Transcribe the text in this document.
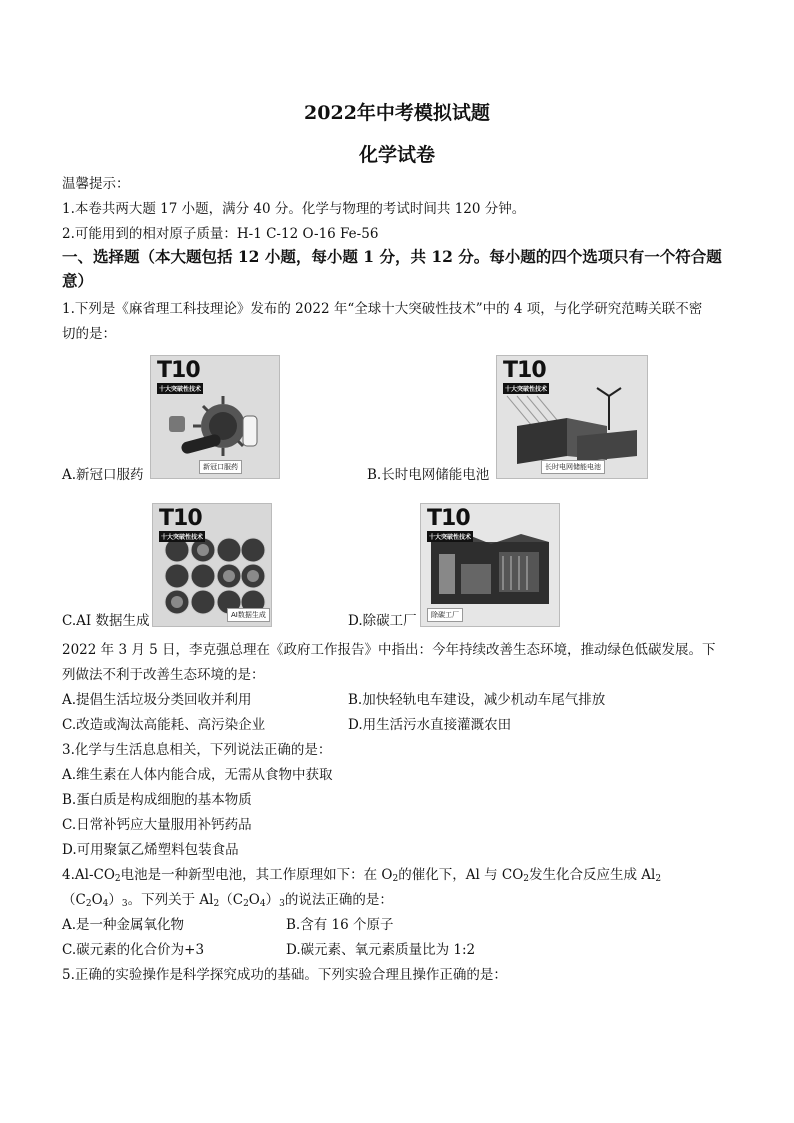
2022年中考模拟试题
化学试卷
温馨提示：
1.本卷共两大题 17 小题，满分 40 分。化学与物理的考试时间共 120 分钟。
2.可能用到的相对原子质量：H-1 C-12 O-16 Fe-56
一、选择题（本大题包括 12 小题，每小题 1 分，共 12 分。每小题的四个选项只有一个符合题
意）
1.下列是《麻省理工科技理论》发布的 2022 年“全球十大突破性技术”中的 4 项，与化学研究范畴关联不密
切的是：
T10
十大突破性技术
新冠口服药
A.新冠口服药
T10
十大突破性技术
长时电网储能电池
B.长时电网储能电池
T10
十大突破性技术
AI数据生成
C.AI 数据生成
T10
十大突破性技术
除碳工厂
D.除碳工厂
2022 年 3 月 5 日，李克强总理在《政府工作报告》中指出：今年持续改善生态环境，推动绿色低碳发展。下
列做法不利于改善生态环境的是：
A.提倡生活垃圾分类回收并利用	B.加快轻轨电车建设，减少机动车尾气排放
C.改造或淘汰高能耗、高污染企业	D.用生活污水直接灌溉农田
3.化学与生活息息相关，下列说法正确的是：
A.维生素在人体内能合成，无需从食物中获取
B.蛋白质是构成细胞的基本物质
C.日常补钙应大量服用补钙药品
D.可用聚氯乙烯塑料包装食品
$4.Al-CO_2$电池是一种新型电池，其工作原理如下：在 $O_2$的催化下，Al 与 $CO_2$发生化合反应生成 $Al_2$
$(C_2O_4)_3$。下列关于 $Al_2(C_2O_4)_3$的说法正确的是：
A.是一种金属氧化物	B.含有 16 个原子
C.碳元素的化合价为+3	D.碳元素、氧元素质量比为 1:2
5.正确的实验操作是科学探究成功的基础。下列实验合理且操作正确的是：
